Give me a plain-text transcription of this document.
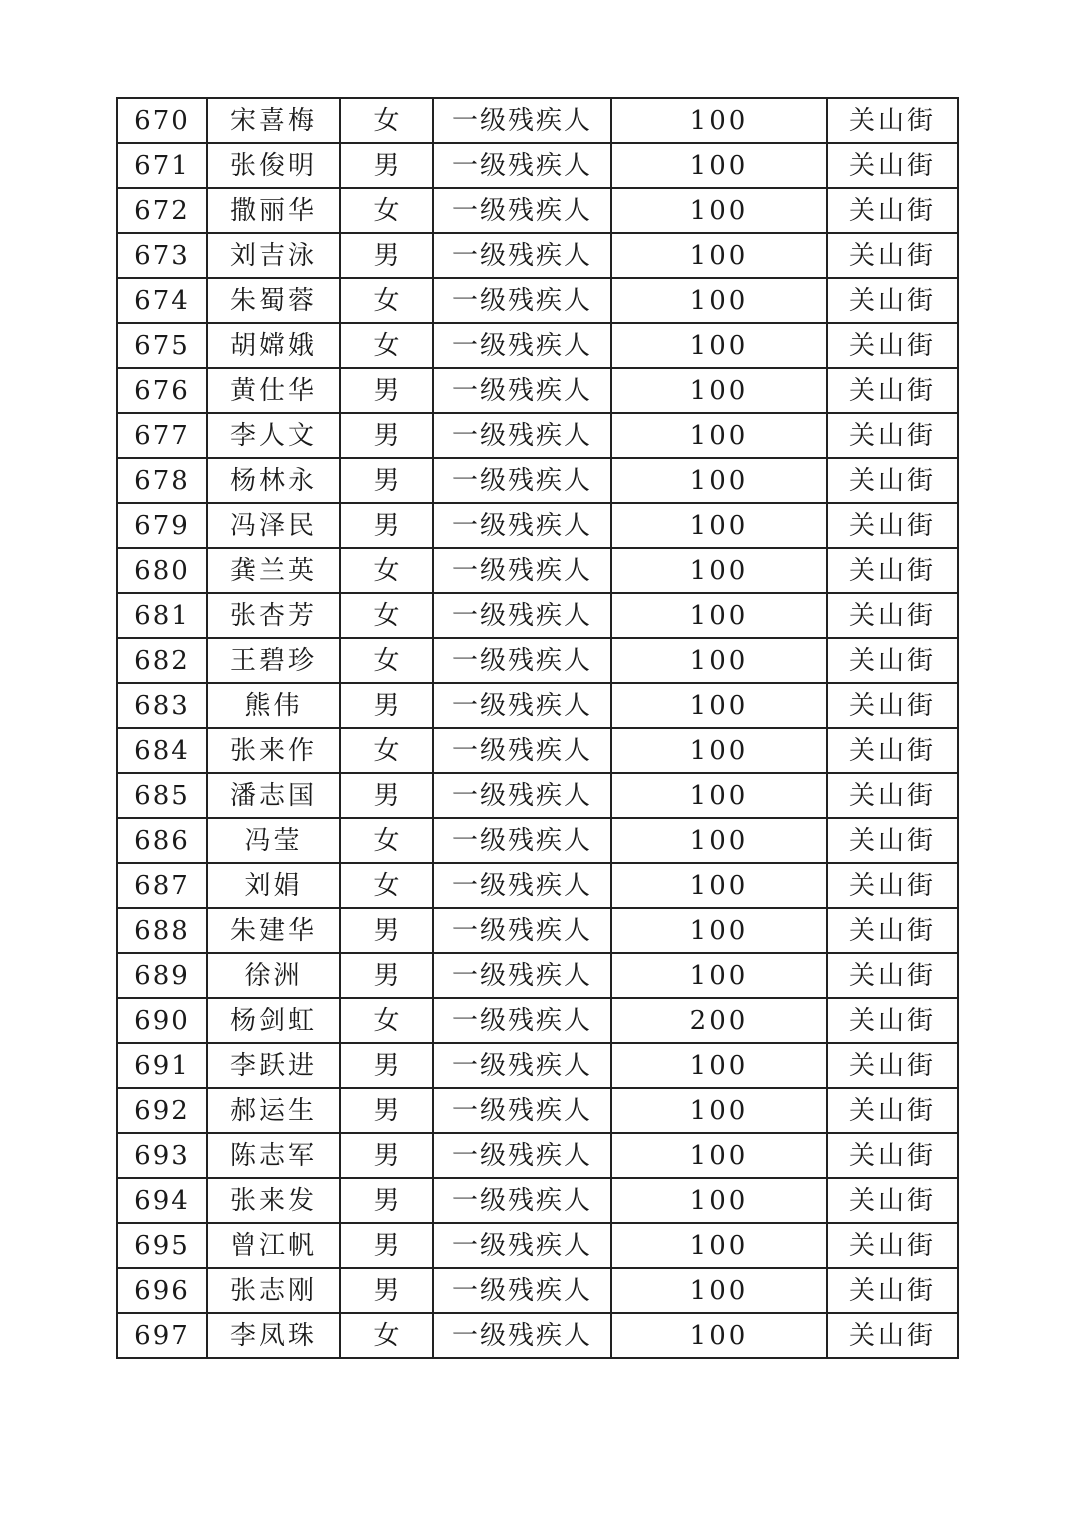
670	宋喜梅	女	一级残疾人	100	关山街
671	张俊明	男	一级残疾人	100	关山街
672	撒丽华	女	一级残疾人	100	关山街
673	刘吉泳	男	一级残疾人	100	关山街
674	朱蜀蓉	女	一级残疾人	100	关山街
675	胡嫦娥	女	一级残疾人	100	关山街
676	黄仕华	男	一级残疾人	100	关山街
677	李人文	男	一级残疾人	100	关山街
678	杨林永	男	一级残疾人	100	关山街
679	冯泽民	男	一级残疾人	100	关山街
680	龚兰英	女	一级残疾人	100	关山街
681	张杏芳	女	一级残疾人	100	关山街
682	王碧珍	女	一级残疾人	100	关山街
683	熊伟	男	一级残疾人	100	关山街
684	张来作	女	一级残疾人	100	关山街
685	潘志国	男	一级残疾人	100	关山街
686	冯莹	女	一级残疾人	100	关山街
687	刘娟	女	一级残疾人	100	关山街
688	朱建华	男	一级残疾人	100	关山街
689	徐洲	男	一级残疾人	100	关山街
690	杨剑虹	女	一级残疾人	200	关山街
691	李跃进	男	一级残疾人	100	关山街
692	郝运生	男	一级残疾人	100	关山街
693	陈志军	男	一级残疾人	100	关山街
694	张来发	男	一级残疾人	100	关山街
695	曾江帆	男	一级残疾人	100	关山街
696	张志刚	男	一级残疾人	100	关山街
697	李凤珠	女	一级残疾人	100	关山街
